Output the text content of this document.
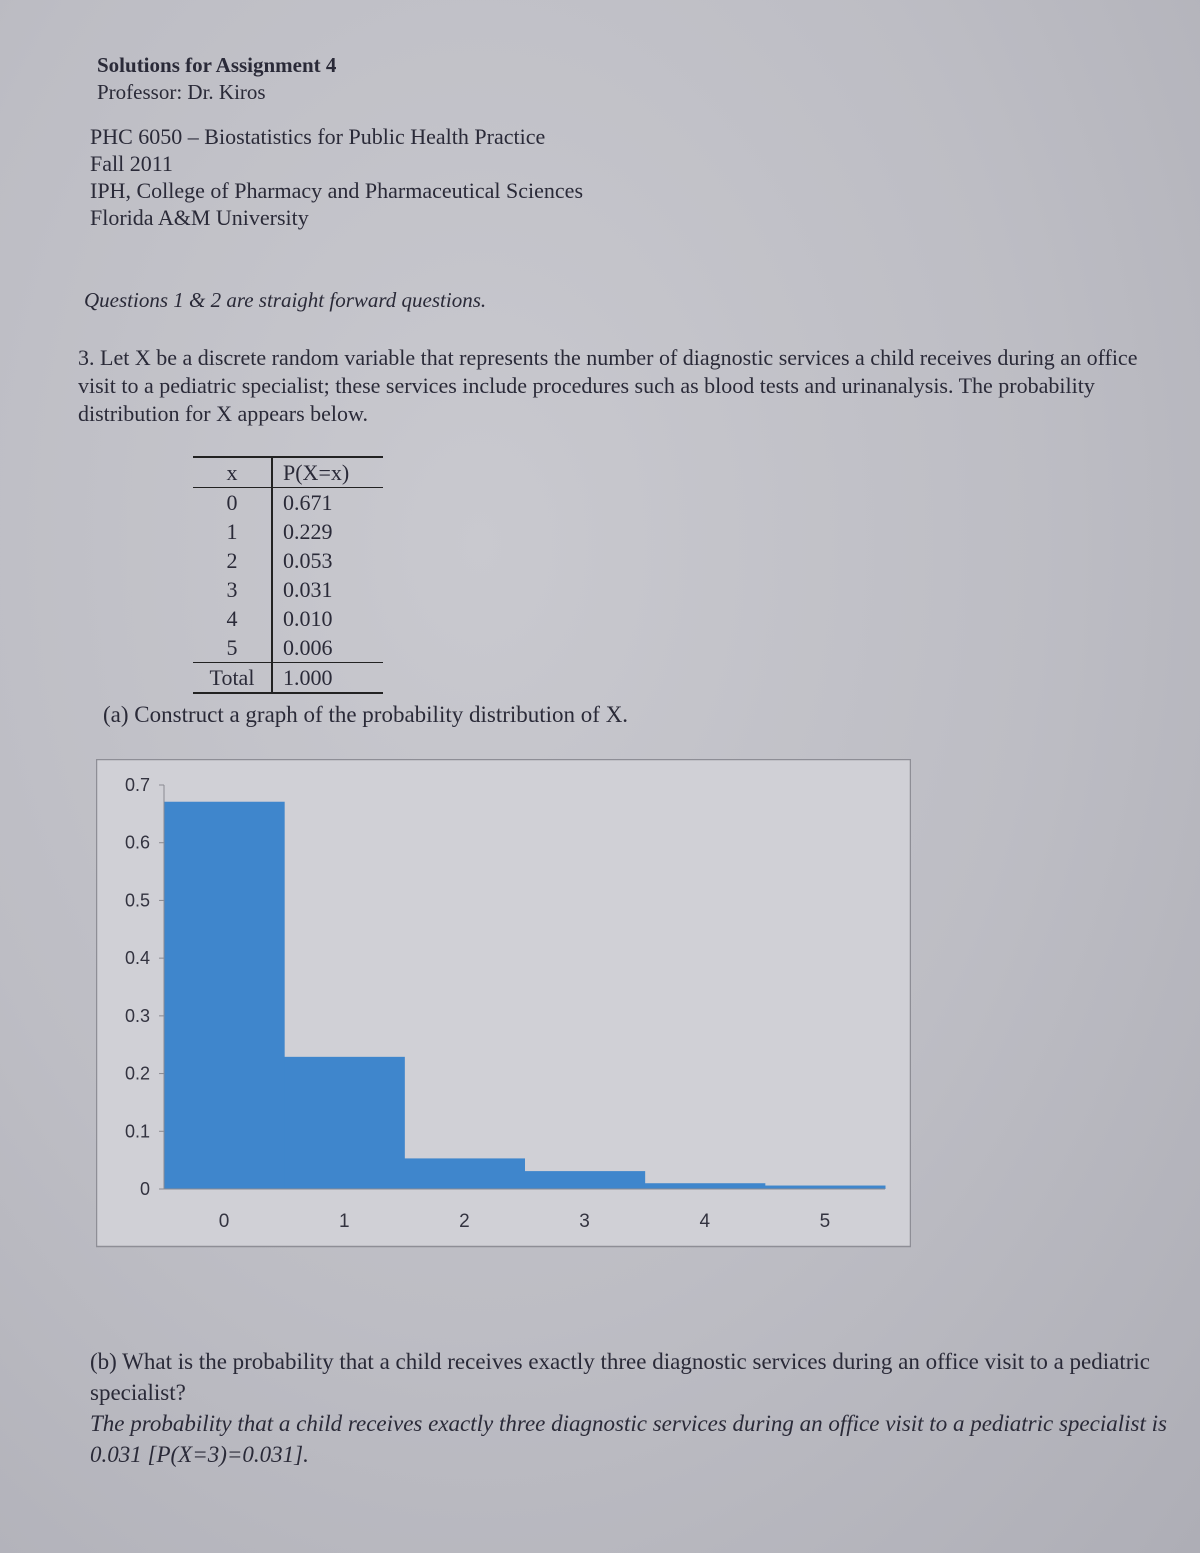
Solutions for Assignment 4
Professor: Dr. Kiros
PHC 6050 – Biostatistics for Public Health Practice
Fall 2011
IPH, College of Pharmacy and Pharmaceutical Sciences
Florida A&M University
Questions 1 & 2 are straight forward questions.
3. Let X be a discrete random variable that represents the number of diagnostic services a child receives during an office visit to a pediatric specialist; these services include procedures such as blood tests and urinanalysis. The probability distribution for X appears below.
x	P(X=x)
0	0.671
1	0.229
2	0.053
3	0.031
4	0.010
5	0.006
Total	1.000
(a) Construct a graph of the probability distribution of X.
0
0.1
0.2
0.3
0.4
0.5
0.6
0.7
0	1	2	3	4	5
(b) What is the probability that a child receives exactly three diagnostic services during an office visit to a pediatric specialist?
The probability that a child receives exactly three diagnostic services during an office visit to a pediatric specialist is 0.031 [P(X=3)=0.031].
